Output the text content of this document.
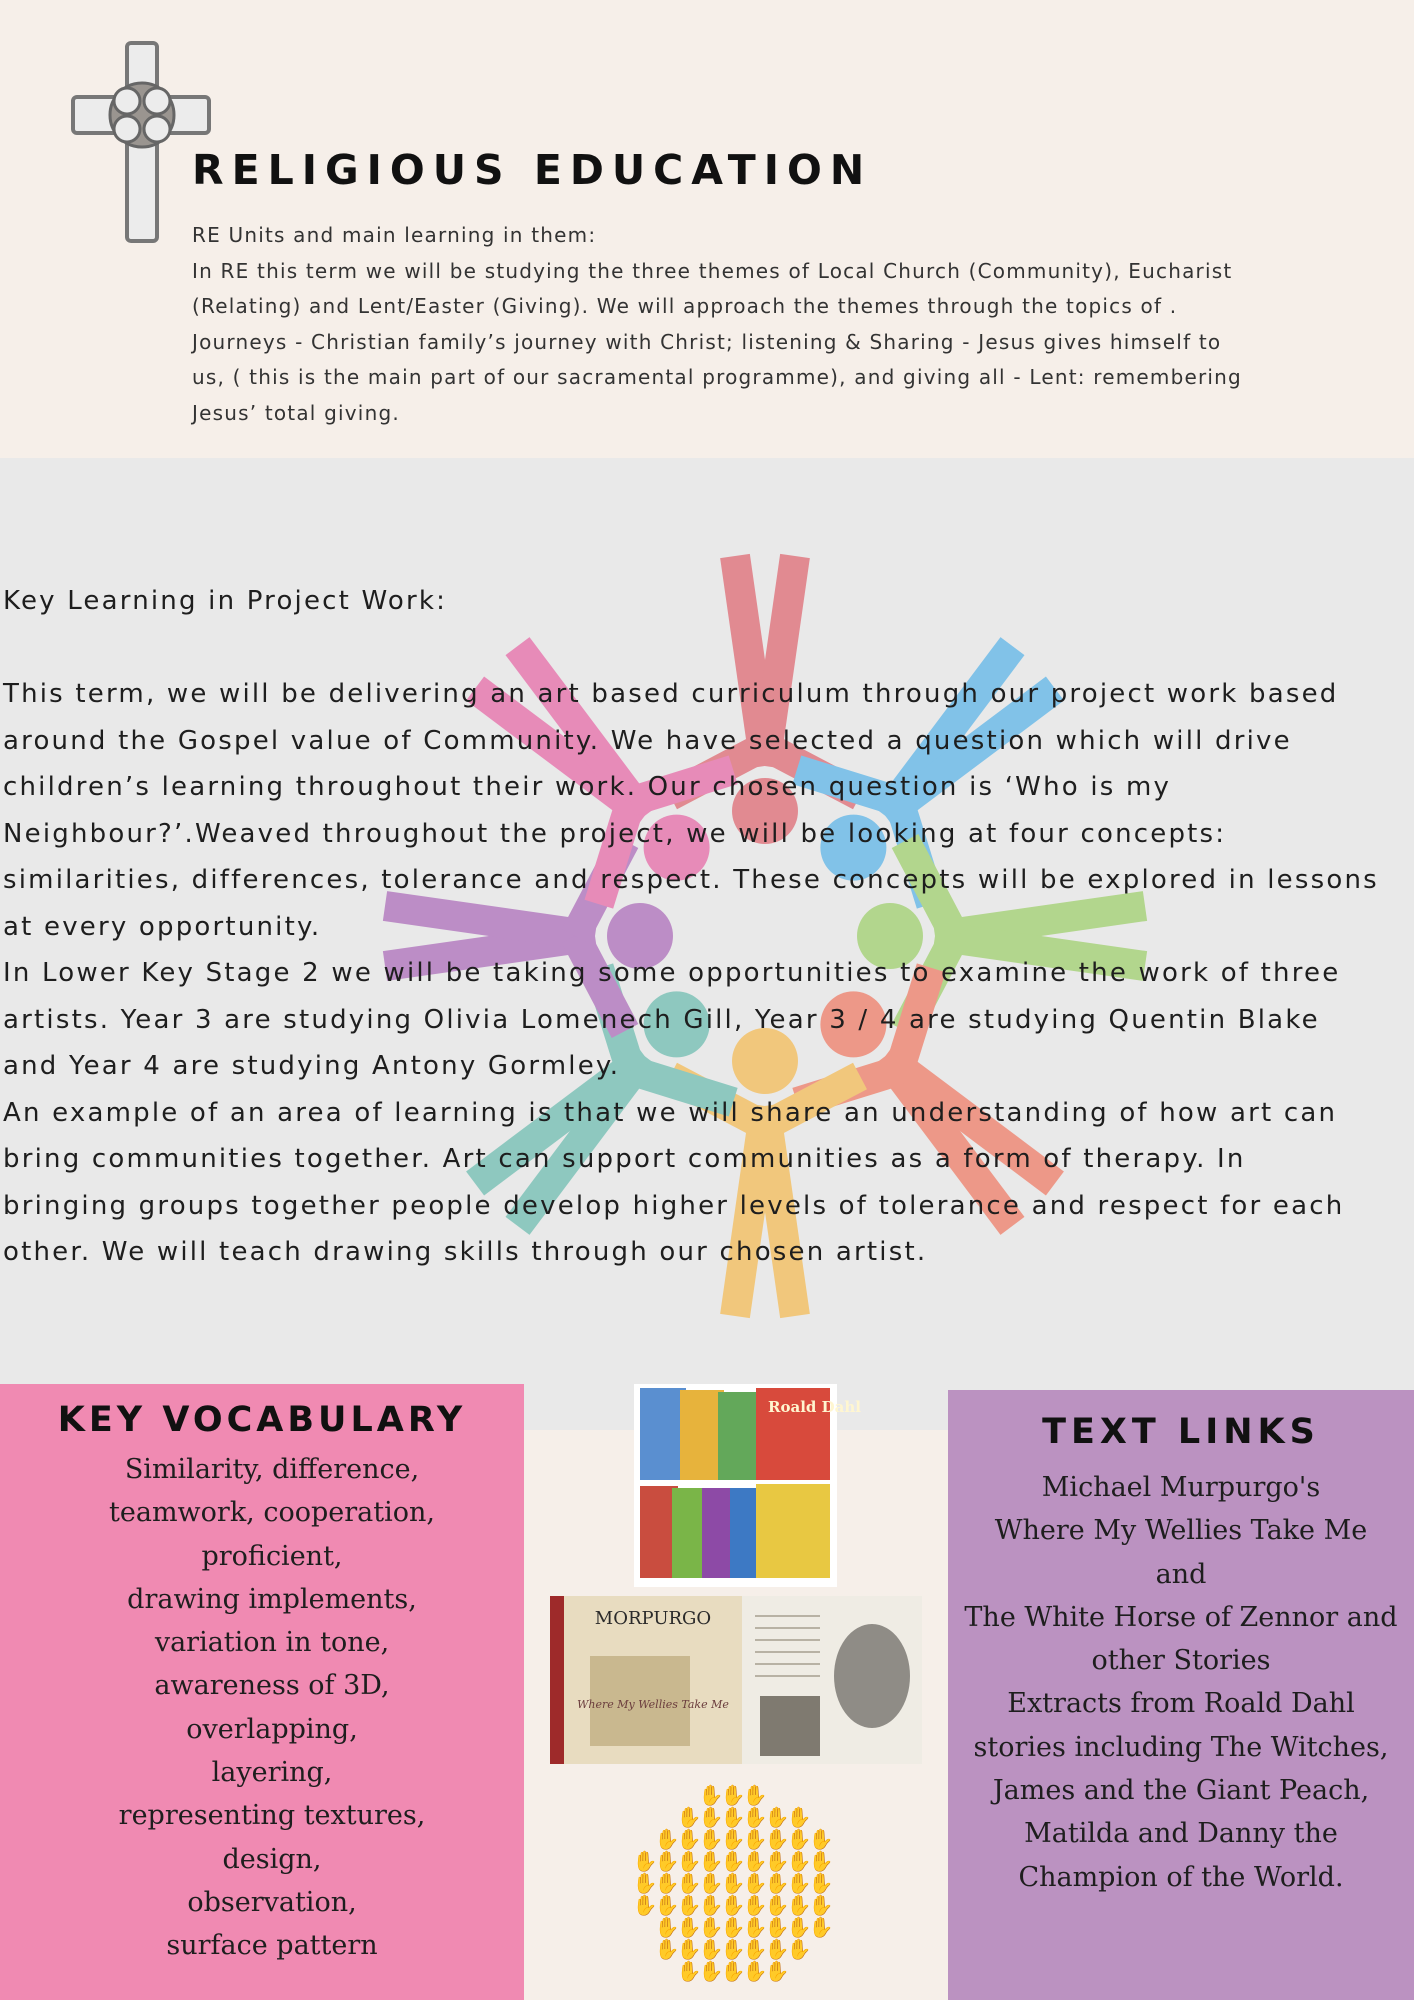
RELIGIOUS EDUCATION

RE Units and main learning in them:

In RE this term we will be studying the three themes of Local Church (Community), Eucharist

(Relating) and Lent/Easter (Giving). We will approach the themes through the topics of .

Journeys - Christian family’s journey with Christ; listening & Sharing - Jesus gives himself to

us, ( this is the main part of our sacramental programme), and giving all - Lent: remembering

Jesus’ total giving.

Key Learning in Project Work:

This term, we will be delivering an art based curriculum through our project work based

around the Gospel value of Community. We have selected a question which will drive

children’s learning throughout their work. Our chosen question is ‘Who is my

Neighbour?’.Weaved throughout the project, we will be looking at four concepts:

similarities, differences, tolerance and respect. These concepts will be explored in lessons

at every opportunity.

In Lower Key Stage 2 we will be taking some opportunities to examine the work of three

artists. Year 3 are studying Olivia Lomenech Gill, Year 3 / 4 are studying Quentin Blake

and Year 4 are studying Antony Gormley.

An example of an area of learning is that we will share an understanding of how art can

bring communities together. Art can support communities as a form of therapy. In

bringing groups together people develop higher levels of tolerance and respect for each

other. We will teach drawing skills through our chosen artist.

KEY VOCABULARY
Similarity, difference,
teamwork, cooperation,
proficient,
drawing implements,
variation in tone,
awareness of 3D,
overlapping,
layering,
representing textures,
design,
observation,
surface pattern
TEXT LINKS
Michael Murpurgo's
Where My Wellies Take Me
and
The White Horse of Zennor and
other Stories
Extracts from Roald Dahl
stories including The Witches,
James and the Giant Peach,
Matilda and Danny the
Champion of the World.
Roald Dahl
MORPURGO
Where My Wellies Take Me
✋
✋
✋
✋
✋
✋
✋
✋
✋
✋
✋
✋
✋
✋
✋
✋
✋
✋
✋
✋
✋
✋
✋
✋
✋
✋
✋
✋
✋
✋
✋
✋
✋
✋
✋
✋
✋
✋
✋
✋
✋
✋
✋
✋
✋
✋
✋
✋
✋
✋
✋
✋
✋
✋
✋
✋
✋
✋
✋
✋
✋
✋
✋
✋
